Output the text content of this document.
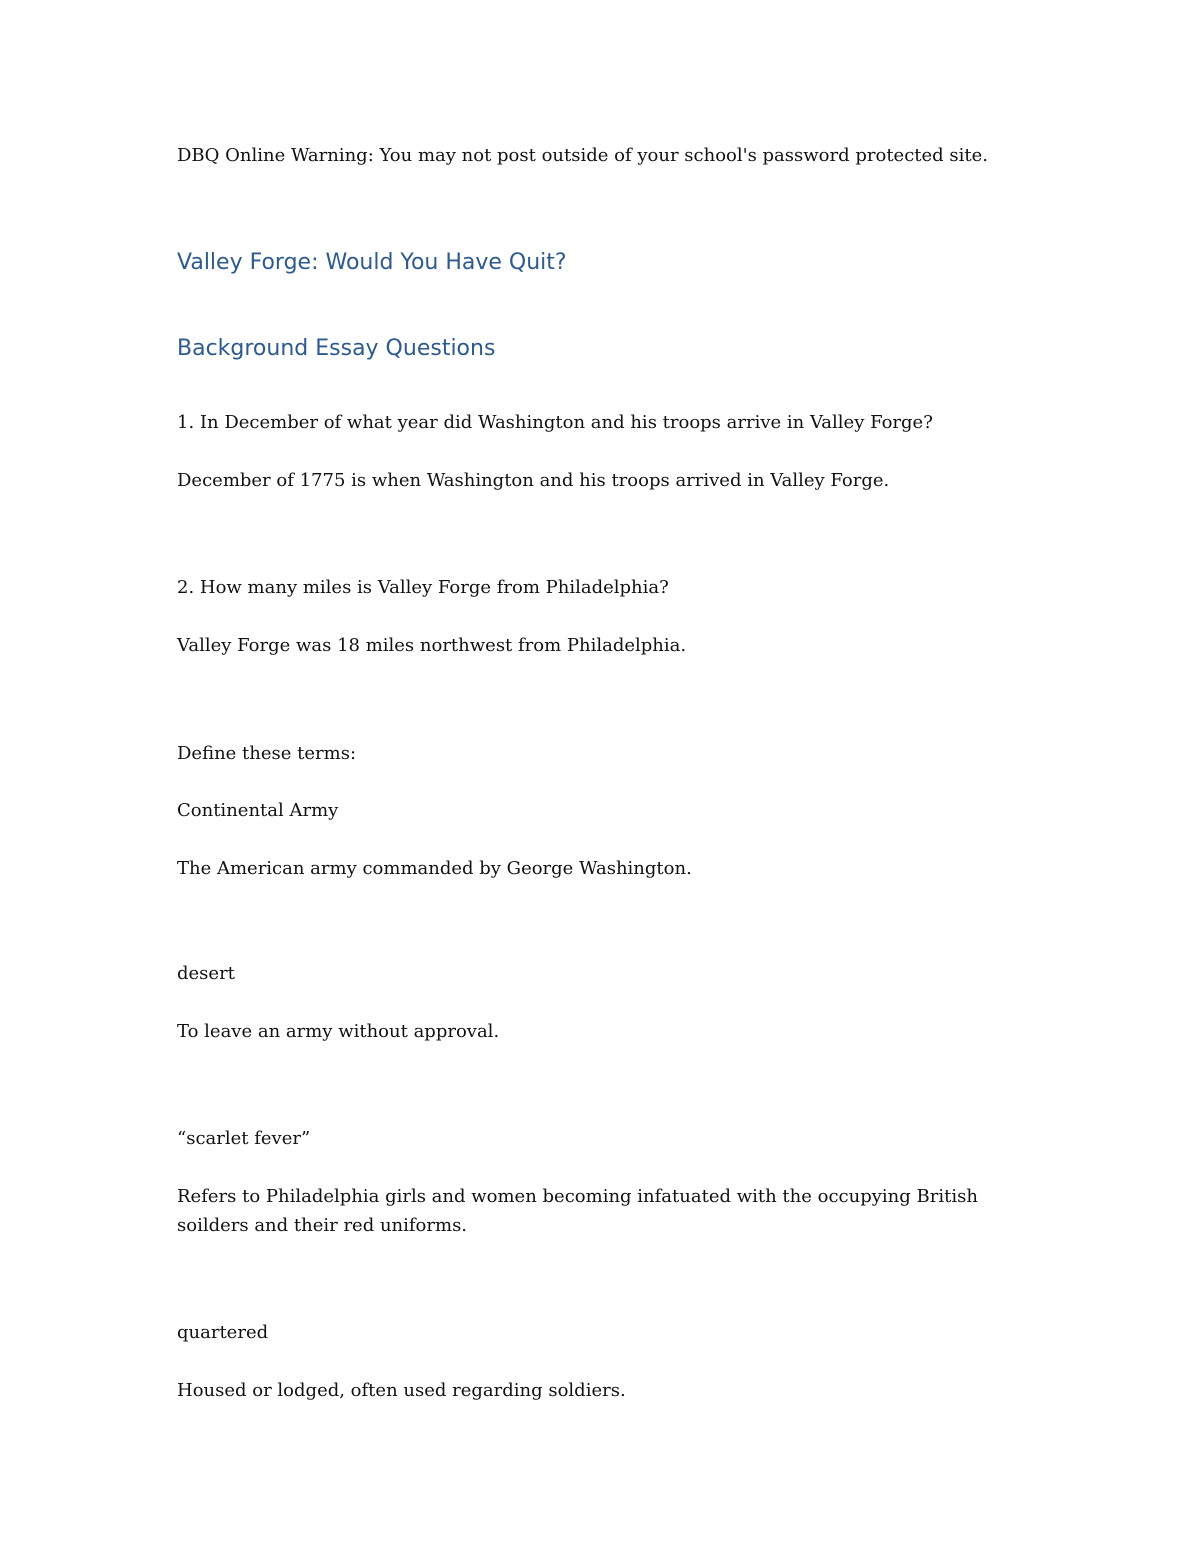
DBQ Online Warning: You may not post outside of your school's password protected site.
Valley Forge: Would You Have Quit?
Background Essay Questions
1. In December of what year did Washington and his troops arrive in Valley Forge?
December of 1775 is when Washington and his troops arrived in Valley Forge.
2. How many miles is Valley Forge from Philadelphia?
Valley Forge was 18 miles northwest from Philadelphia.
Define these terms:
Continental Army
The American army commanded by George Washington.
desert
To leave an army without approval.
“scarlet fever”
Refers to Philadelphia girls and women becoming infatuated with the occupying British soilders and their red uniforms.
quartered
Housed or lodged, often used regarding soldiers.
